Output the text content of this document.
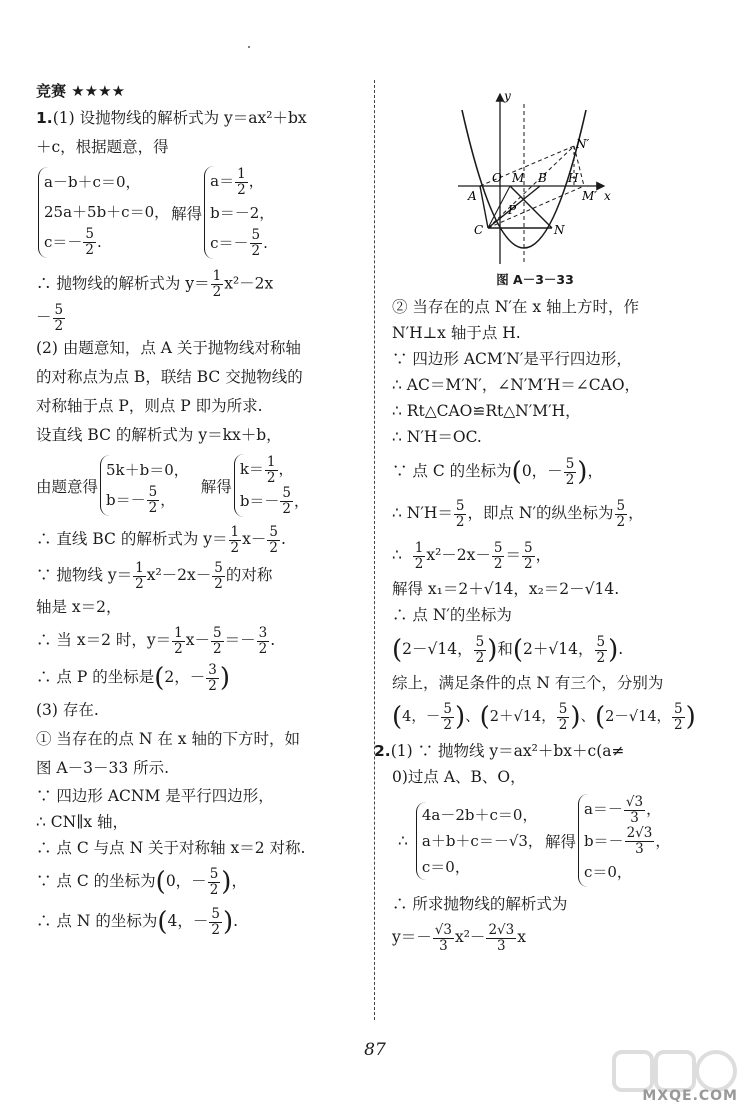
竞赛 ★★★★
1.(1) 设抛物线的解析式为 y＝ax²＋bx
＋c，根据题意，得
a－b＋c＝0，
25a＋5b＋c＝0，
$c=- \frac{5}{2}$ .
解得
$a= \frac{1}{2}$ ，
b＝－2，
$c=- \frac{5}{2}$ .
∴ 抛物线的解析式为 $y= \frac{1}{2} x^2-2x$
－ $\frac{5}{2}$
(2) 由题意知，点 A 关于抛物线对称轴
的对称点为点 B，联结 BC 交抛物线的
对称轴于点 P，则点 P 即为所求.
设直线 BC 的解析式为 y＝kx＋b，
由题意得
5k＋b＝0，
$b=- \frac{5}{2}$ ，
解得
$k= \frac{1}{2}$ ，
$b=- \frac{5}{2}$ ，
∴ 直线 BC 的解析式为 $y= \frac{1}{2} x- \frac{5}{2}$ .
∵ 抛物线 $y= \frac{1}{2} x^2-2x- \frac{5}{2}$ 的对称
轴是 x＝2，
∴ 当 x＝2 时，$y= \frac{1}{2} x- \frac{5}{2} =- \frac{3}{2}$ .
∴ 点 P 的坐标是(2，－ $\frac{3}{2}$ )
(3) 存在.
① 当存在的点 N 在 x 轴的下方时，如
图 A－3－33 所示.
∵ 四边形 ACNM 是平行四边形，
∴ CN∥x 轴，
∴ 点 C 与点 N 关于对称轴 x＝2 对称.
∵ 点 C 的坐标为(0，－ $\frac{5}{2}$ )，
∴ 点 N 的坐标为(4，－ $\frac{5}{2}$ ).
y
x
A
O M B H
N′
M′
P
C	N
图 A－3－33
② 当存在的点 N′在 x 轴上方时，作
N′H⊥x 轴于点 H.
∵ 四边形 ACM′N′是平行四边形，
∴ AC＝M′N′，∠N′M′H＝∠CAO，
∴ Rt△CAO≌Rt△N′M′H，
∴ N′H＝OC.
∵ 点 C 的坐标为(0，－ $\frac{5}{2}$ )，
∴ $N'H= \frac{5}{2}$ ，即点 N′的纵坐标为 $\frac{5}{2}$ ，
∴ $\frac{1}{2} x^2-2x- \frac{5}{2} = \frac{5}{2}$ ，
解得 x₁＝2＋√14，x₂＝2－√14.
∴ 点 N′的坐标为
(2－√14， $\frac{5}{2}$ )和(2＋√14， $\frac{5}{2}$ ).
综上，满足条件的点 N 有三个，分别为
(4，－ $\frac{5}{2}$ )、(2＋√14， $\frac{5}{2}$ )、(2－√14， $\frac{5}{2}$ )
2.(1) ∵ 抛物线 y＝ax²＋bx＋c(a≠
0)过点 A、B、O，
∴
4a－2b＋c＝0，
a＋b＋c＝－√3，
c＝0，
解得
$a=- \frac{√3}{3}$ ，
$b=- \frac{2√3}{3}$ ，
c＝0，
∴ 所求抛物线的解析式为
$y=- \frac{√3}{3} x^2- \frac{2√3}{3}$ x
87
MXQE.COM
